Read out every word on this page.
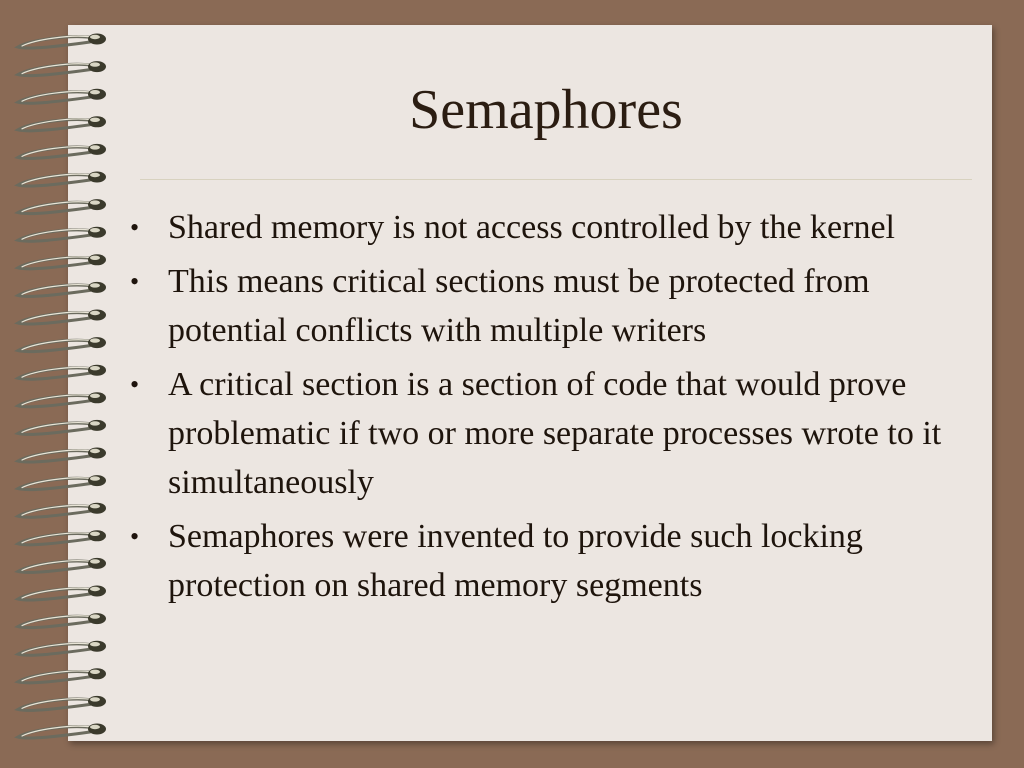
Semaphores
• Shared memory is not access controlled by the kernel
• This means critical sections must be protected from potential conflicts with multiple writers
• A critical section is a section of code that would prove problematic if two or more separate processes wrote to it simultaneously
• Semaphores were invented to provide such locking protection on shared memory segments
